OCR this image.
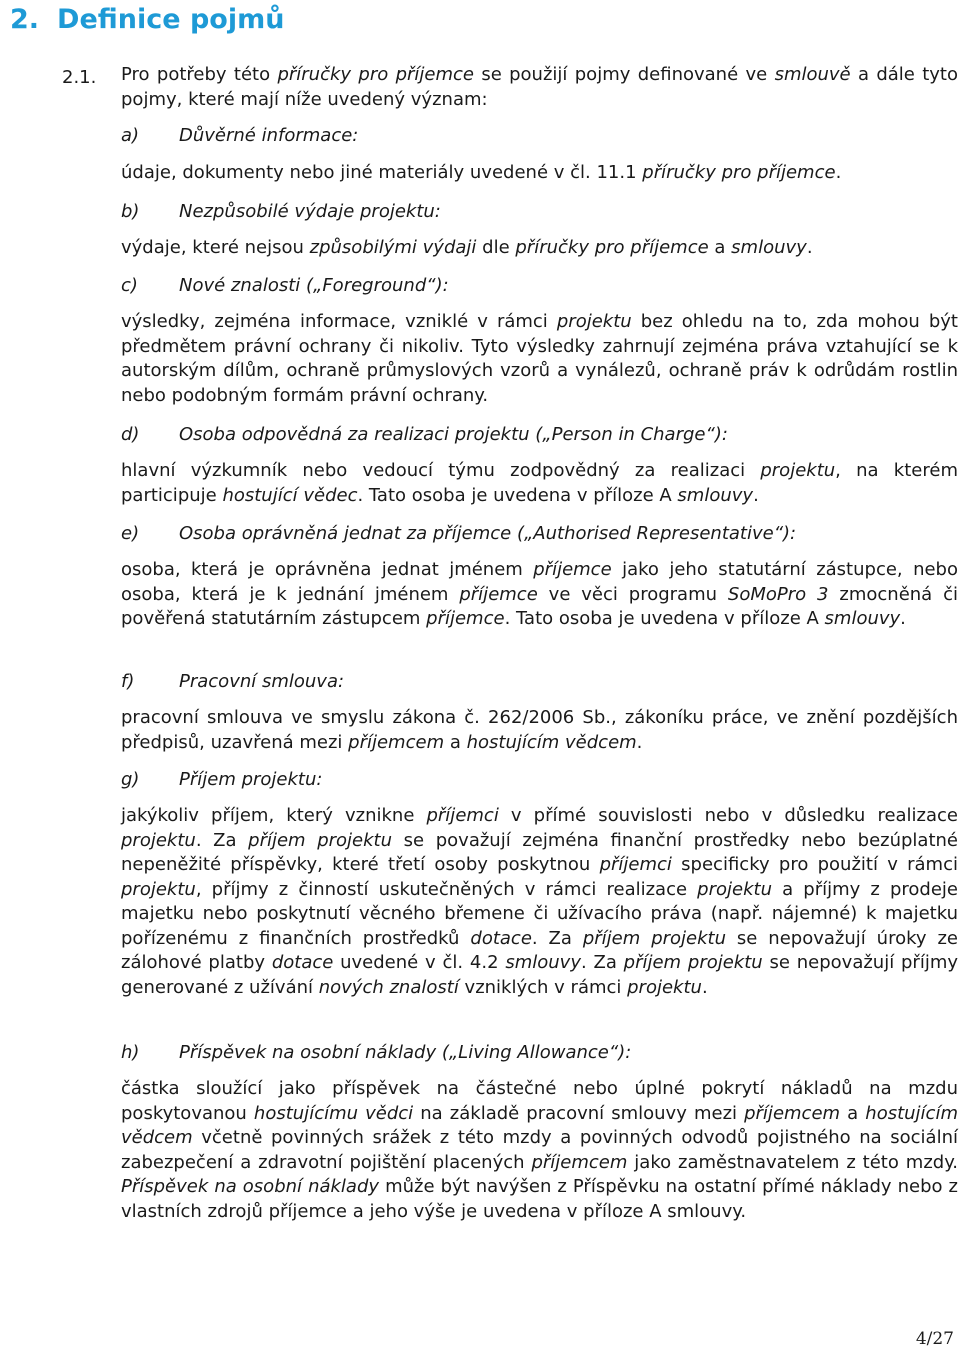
2. Definice pojmů
2.1. Pro potřeby této příručky pro příjemce se použijí pojmy definované ve smlouvě a dále tyto pojmy, které mají níže uvedený význam:

a) Důvěrné informace:

údaje, dokumenty nebo jiné materiály uvedené v čl. 11.1 příručky pro příjemce.

b) Nezpůsobilé výdaje projektu:

výdaje, které nejsou způsobilými výdaji dle příručky pro příjemce a smlouvy.

c) Nové znalosti („Foreground“):

výsledky, zejména informace, vzniklé v rámci projektu bez ohledu na to, zda mohou být předmětem právní ochrany či nikoliv. Tyto výsledky zahrnují zejména práva vztahující se k autorským dílům, ochraně průmyslových vzorů a vynálezů, ochraně práv k odrůdám rostlin nebo podobným formám právní ochrany.

d) Osoba odpovědná za realizaci projektu („Person in Charge“):

hlavní výzkumník nebo vedoucí týmu zodpovědný za realizaci projektu, na kterém participuje hostující vědec. Tato osoba je uvedena v příloze A smlouvy.

e) Osoba oprávněná jednat za příjemce („Authorised Representative“):

osoba, která je oprávněna jednat jménem příjemce jako jeho statutární zástupce, nebo osoba, která je k jednání jménem příjemce ve věci programu SoMoPro 3 zmocněná či pověřená statutárním zástupcem příjemce. Tato osoba je uvedena v příloze A smlouvy.

f) Pracovní smlouva:

pracovní smlouva ve smyslu zákona č. 262/2006 Sb., zákoníku práce, ve znění pozdějších předpisů, uzavřená mezi příjemcem a hostujícím vědcem.

g) Příjem projektu:

jakýkoliv příjem, který vznikne příjemci v přímé souvislosti nebo v důsledku realizace projektu. Za příjem projektu se považují zejména finanční prostředky nebo bezúplatné nepeněžité příspěvky, které třetí osoby poskytnou příjemci specificky pro použití v rámci projektu, příjmy z činností uskutečněných v rámci realizace projektu a příjmy z prodeje majetku nebo poskytnutí věcného břemene či užívacího práva (např. nájemné) k majetku pořízenému z finančních prostředků dotace. Za příjem projektu se nepovažují úroky ze zálohové platby dotace uvedené v čl. 4.2 smlouvy. Za příjem projektu se nepovažují příjmy generované z užívání nových znalostí vzniklých v rámci projektu.

h) Příspěvek na osobní náklady („Living Allowance“):

částka sloužící jako příspěvek na částečné nebo úplné pokrytí nákladů na mzdu poskytovanou hostujícímu vědci na základě pracovní smlouvy mezi příjemcem a hostujícím vědcem včetně povinných srážek z této mzdy a povinných odvodů pojistného na sociální zabezpečení a zdravotní pojištění placených příjemcem jako zaměstnavatelem z této mzdy. Příspěvek na osobní náklady může být navýšen z Příspěvku na ostatní přímé náklady nebo z vlastních zdrojů příjemce a jeho výše je uvedena v příloze A smlouvy.

4/27
